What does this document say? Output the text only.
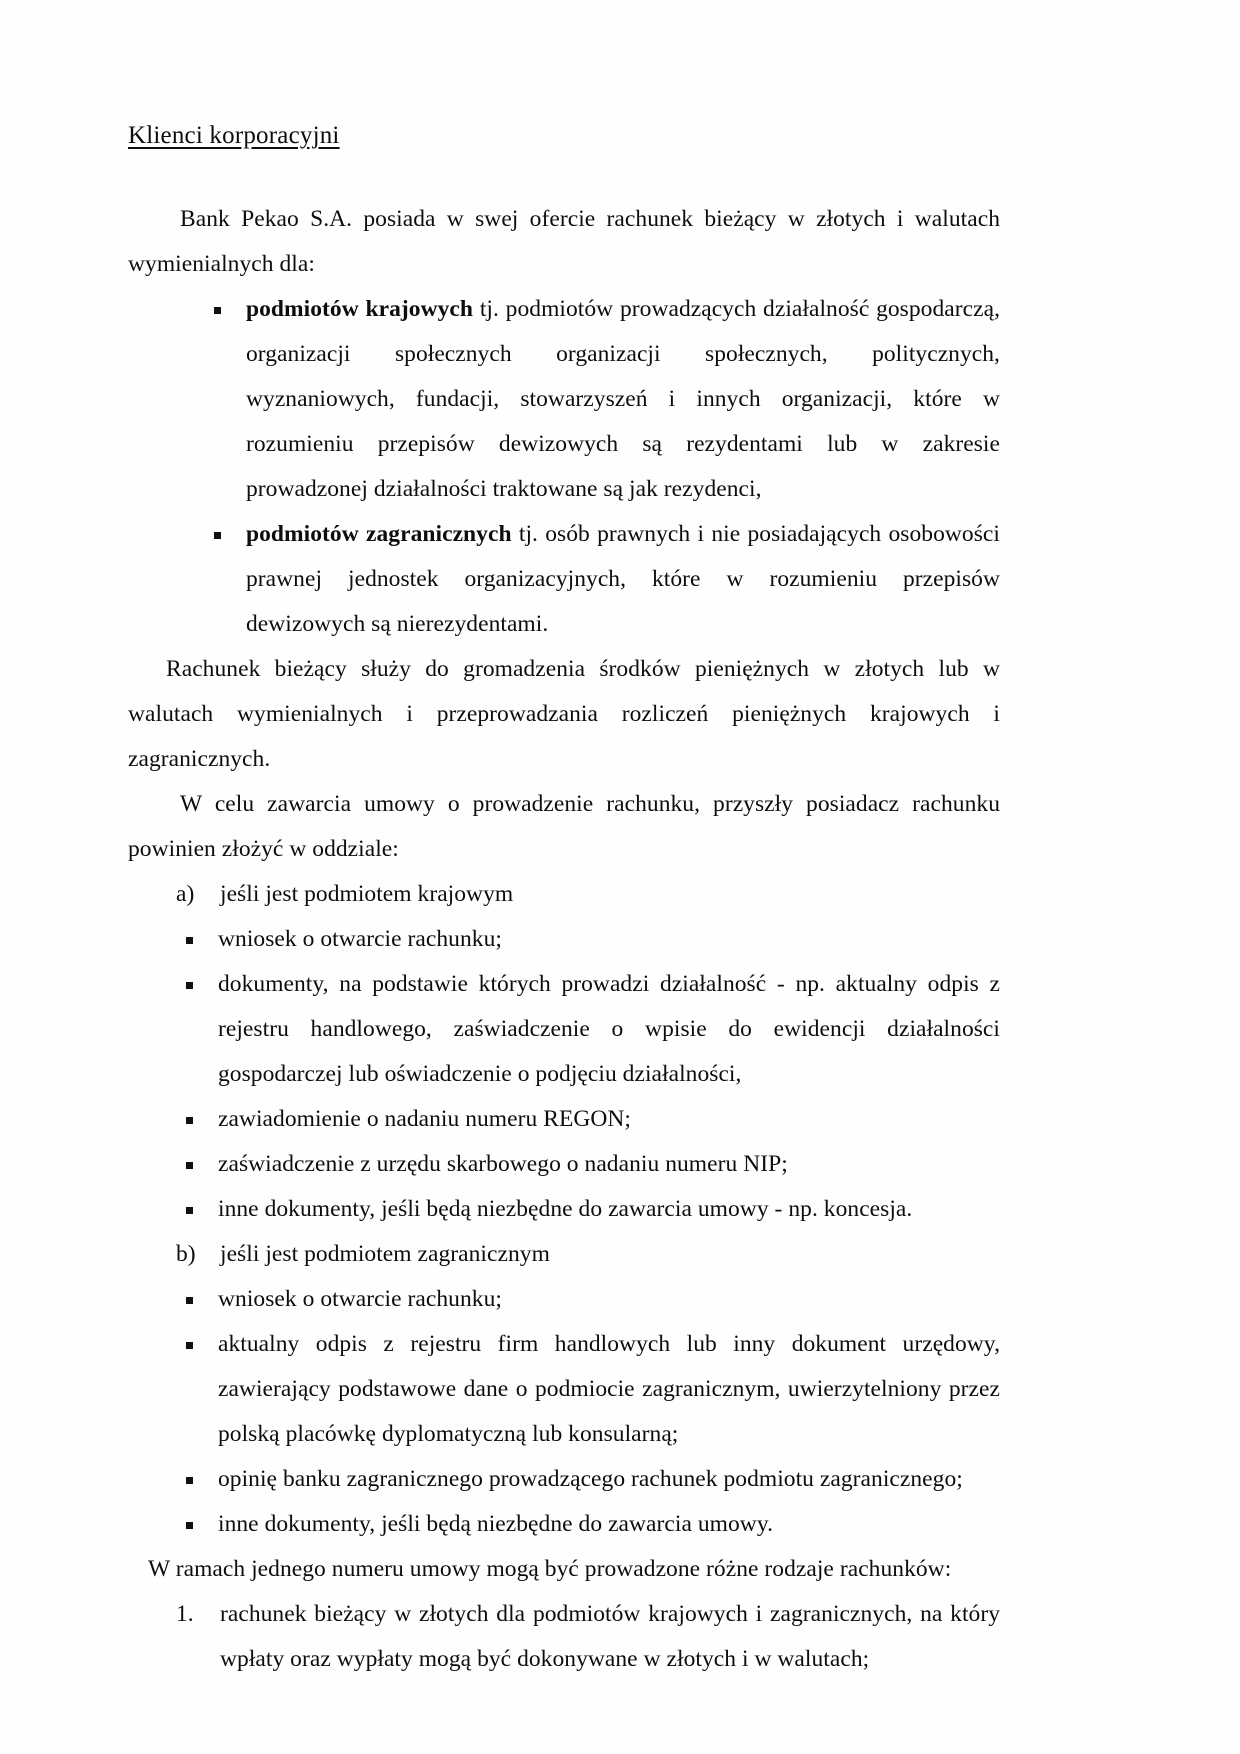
Klienci korporacyjni

Bank Pekao S.A. posiada w swej ofercie rachunek bieżący w złotych i walutach wymienialnych dla:

podmiotów krajowych tj. podmiotów prowadzących działalność gospodarczą, organizacji społecznych organizacji społecznych, politycznych, wyznaniowych, fundacji, stowarzyszeń i innych organizacji, które w rozumieniu przepisów dewizowych są rezydentami lub w zakresie prowadzonej działalności traktowane są jak rezydenci,
podmiotów zagranicznych tj. osób prawnych i nie posiadających osobowości prawnej jednostek organizacyjnych, które w rozumieniu przepisów dewizowych są nierezydentami.

Rachunek bieżący służy do gromadzenia środków pieniężnych w złotych lub w walutach wymienialnych i przeprowadzania rozliczeń pieniężnych krajowych i zagranicznych.

W celu zawarcia umowy o prowadzenie rachunku, przyszły posiadacz rachunku powinien złożyć w oddziale:

a) jeśli jest podmiotem krajowym
wniosek o otwarcie rachunku;
dokumenty, na podstawie których prowadzi działalność - np. aktualny odpis z rejestru handlowego, zaświadczenie o wpisie do ewidencji działalności gospodarczej lub oświadczenie o podjęciu działalności,
zawiadomienie o nadaniu numeru REGON;
zaświadczenie z urzędu skarbowego o nadaniu numeru NIP;
inne dokumenty, jeśli będą niezbędne do zawarcia umowy - np. koncesja.
b) jeśli jest podmiotem zagranicznym
wniosek o otwarcie rachunku;
aktualny odpis z rejestru firm handlowych lub inny dokument urzędowy, zawierający podstawowe dane o podmiocie zagranicznym, uwierzytelniony przez polską placówkę dyplomatyczną lub konsularną;
opinię banku zagranicznego prowadzącego rachunek podmiotu zagranicznego;
inne dokumenty, jeśli będą niezbędne do zawarcia umowy.

W ramach jednego numeru umowy mogą być prowadzone różne rodzaje rachunków:

1. rachunek bieżący w złotych dla podmiotów krajowych i zagranicznych, na który wpłaty oraz wypłaty mogą być dokonywane w złotych i w walutach;
